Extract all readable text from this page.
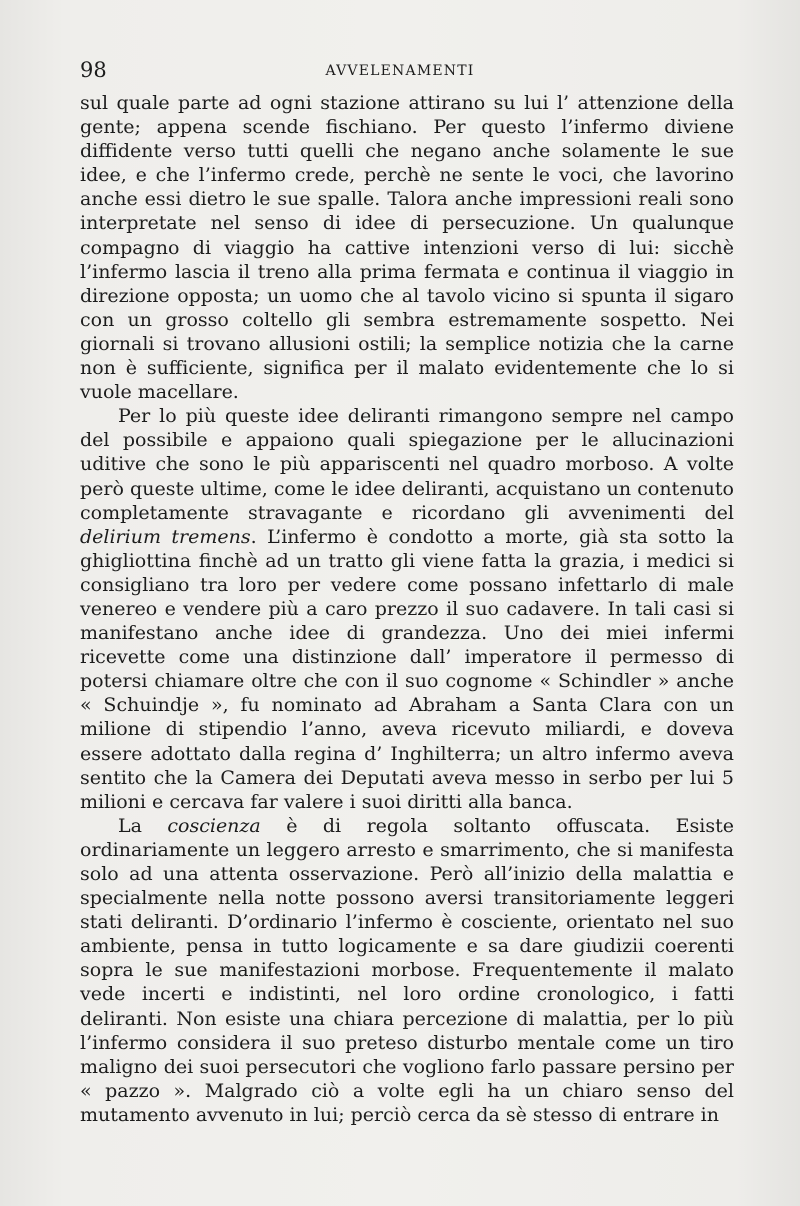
98	AVVELENAMENTI

sul quale parte ad ogni stazione attirano su lui l’ attenzione della gente; appena scende fischiano. Per questo l’infermo diviene diffidente verso tutti quelli che negano anche solamente le sue idee, e che l’infermo crede, perchè ne sente le voci, che lavorino anche essi dietro le sue spalle. Talora anche impressioni reali sono interpretate nel senso di idee di persecuzione. Un qualunque compagno di viaggio ha cattive intenzioni verso di lui: sicchè l’infermo lascia il treno alla prima fermata e continua il viaggio in direzione opposta; un uomo che al tavolo vicino si spunta il sigaro con un grosso coltello gli sembra estremamente sospetto. Nei giornali si trovano allusioni ostili; la semplice notizia che la carne non è sufficiente, significa per il malato evidentemente che lo si vuole macellare.

Per lo più queste idee deliranti rimangono sempre nel campo del possibile e appaiono quali spiegazione per le allucinazioni uditive che sono le più appariscenti nel quadro morboso. A volte però queste ultime, come le idee deliranti, acquistano un contenuto completamente stravagante e ricordano gli avvenimenti del delirium tremens. L’infermo è condotto a morte, già sta sotto la ghigliottina finchè ad un tratto gli viene fatta la grazia, i medici si consigliano tra loro per vedere come possano infettarlo di male venereo e vendere più a caro prezzo il suo cadavere. In tali casi si manifestano anche idee di grandezza. Uno dei miei infermi ricevette come una distinzione dall’ imperatore il permesso di potersi chiamare oltre che con il suo cognome « Schindler » anche « Schuindje », fu nominato ad Abraham a Santa Clara con un milione di stipendio l’anno, aveva ricevuto miliardi, e doveva essere adottato dalla regina d’ Inghilterra; un altro infermo aveva sentito che la Camera dei Deputati aveva messo in serbo per lui 5 milioni e cercava far valere i suoi diritti alla banca.

La coscienza è di regola soltanto offuscata. Esiste ordinariamente un leggero arresto e smarrimento, che si manifesta solo ad una attenta osservazione. Però all’inizio della malattia e specialmente nella notte possono aversi transitoriamente leggeri stati deliranti. D’ordinario l’infermo è cosciente, orientato nel suo ambiente, pensa in tutto logicamente e sa dare giudizii coerenti sopra le sue manifestazioni morbose. Frequentemente il malato vede incerti e indistinti, nel loro ordine cronologico, i fatti deliranti. Non esiste una chiara percezione di malattia, per lo più l’infermo considera il suo preteso disturbo mentale come un tiro maligno dei suoi persecutori che vogliono farlo passare persino per « pazzo ». Malgrado ciò a volte egli ha un chiaro senso del mutamento avvenuto in lui; perciò cerca da sè stesso di entrare in
